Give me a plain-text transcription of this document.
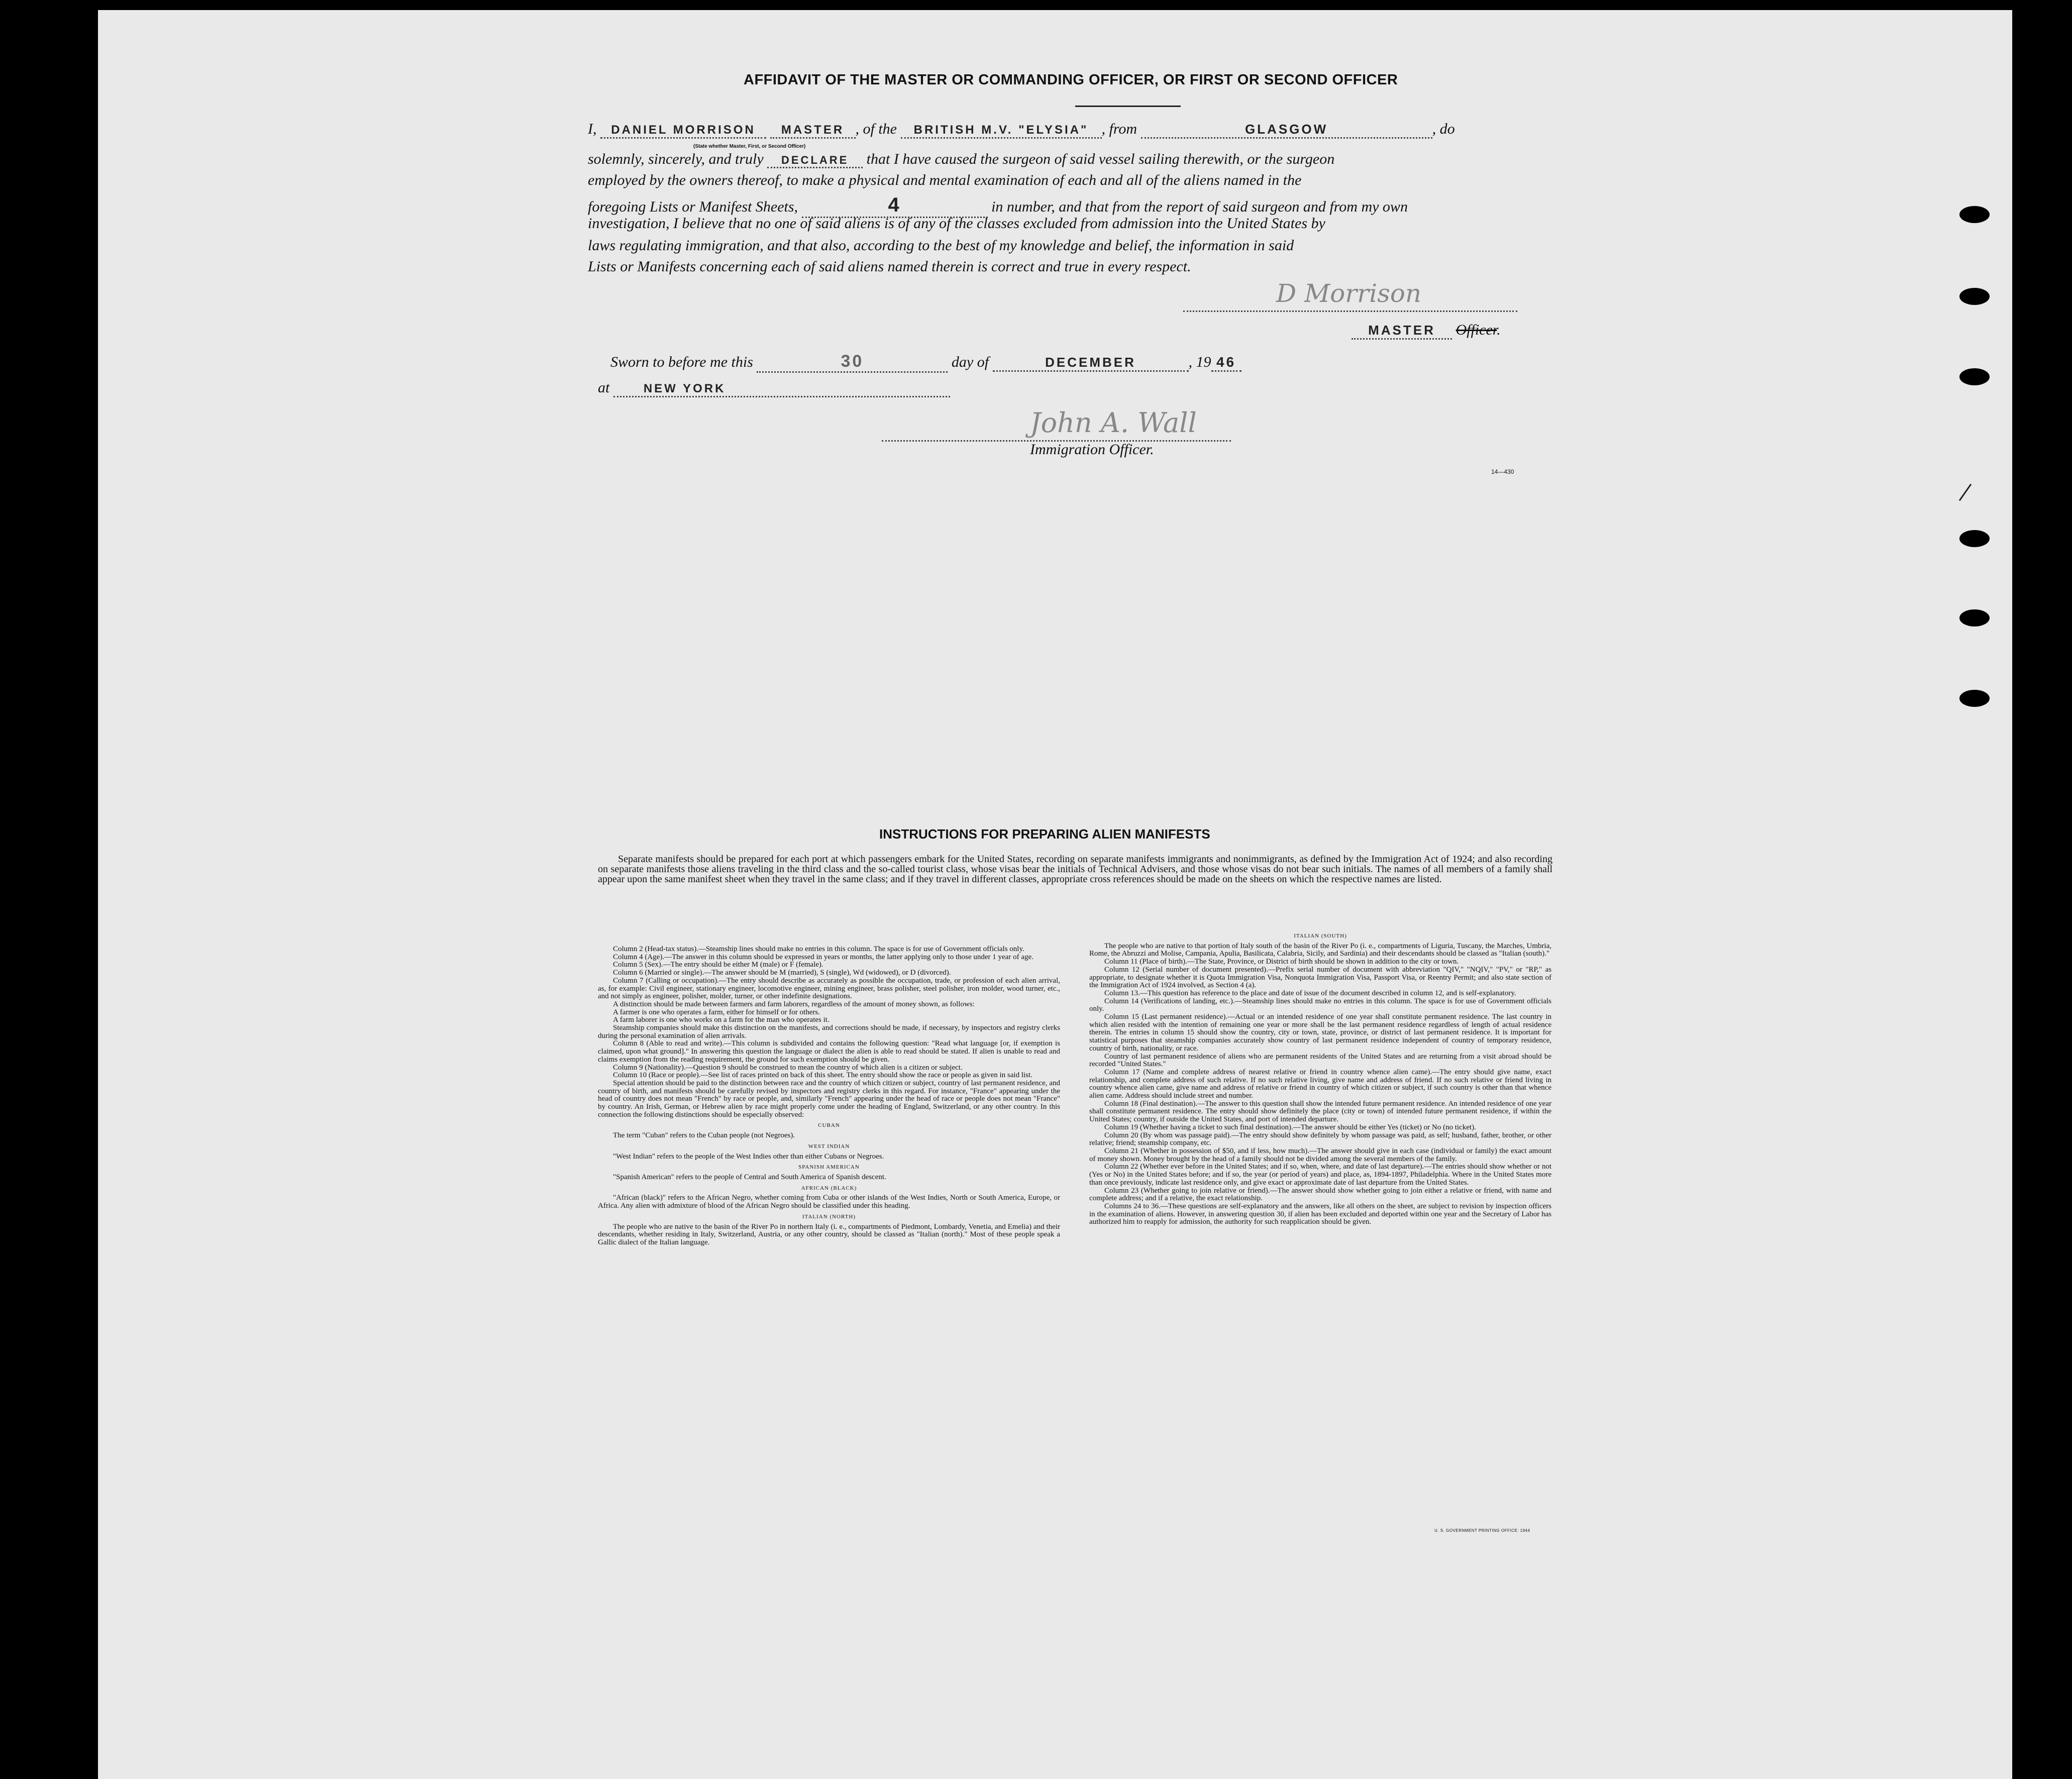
AFFIDAVIT OF THE MASTER OR COMMANDING OFFICER, OR FIRST OR SECOND OFFICER
I, DANIEL MORRISON MASTER , of the BRITISH M.V. "ELYSIA" , from	GLASGOW	, do
(State whether Master, First, or Second Officer)
solemnly, sincerely, and truly DECLARE that I have caused the surgeon of said vessel sailing therewith, or the surgeon
employed by the owners thereof, to make a physical and mental examination of each and all of the aliens named in the
foregoing Lists or Manifest Sheets,	4	in number, and that from the report of said surgeon and from my own
investigation, I believe that no one of said aliens is of any of the classes excluded from admission into the United States by
laws regulating immigration, and that also, according to the best of my knowledge and belief, the information in said
Lists or Manifests concerning each of said aliens named therein is correct and true in every respect.
D Morrison
MASTER Officer.
Sworn to before me this	30	day of	DECEMBER	, 19 46
at	NEW YORK
John A. Wall
Immigration Officer.
14—430
INSTRUCTIONS FOR PREPARING ALIEN MANIFESTS
Separate manifests should be prepared for each port at which passengers embark for the United States, recording on separate manifests immigrants and nonimmigrants, as defined by the Immigration Act of 1924; and also recording on separate manifests those aliens traveling in the third class and the so-called tourist class, whose visas bear the initials of Technical Advisers, and those whose visas do not bear such initials. The names of all members of a family shall appear upon the same manifest sheet when they travel in the same class; and if they travel in different classes, appropriate cross references should be made on the sheets on which the respective names are listed.

Column 2 (Head-tax status).—Steamship lines should make no entries in this column. The space is for use of Government officials only.

Column 4 (Age).—The answer in this column should be expressed in years or months, the latter applying only to those under 1 year of age.

Column 5 (Sex).—The entry should be either M (male) or F (female).

Column 6 (Married or single).—The answer should be M (married), S (single), Wd (widowed), or D (divorced).

Column 7 (Calling or occupation).—The entry should describe as accurately as possible the occupation, trade, or profession of each alien arrival, as, for example: Civil engineer, stationary engineer, locomotive engineer, mining engineer, brass polisher, steel polisher, iron molder, wood turner, etc., and not simply as engineer, polisher, molder, turner, or other indefinite designations.

A distinction should be made between farmers and farm laborers, regardless of the amount of money shown, as follows:

A farmer is one who operates a farm, either for himself or for others.

A farm laborer is one who works on a farm for the man who operates it.

Steamship companies should make this distinction on the manifests, and corrections should be made, if necessary, by inspectors and registry clerks during the personal examination of alien arrivals.

Column 8 (Able to read and write).—This column is subdivided and contains the following question: "Read what language [or, if exemption is claimed, upon what ground]." In answering this question the language or dialect the alien is able to read should be stated. If alien is unable to read and claims exemption from the reading requirement, the ground for such exemption should be given.

Column 9 (Nationality).—Question 9 should be construed to mean the country of which alien is a citizen or subject.

Column 10 (Race or people).—See list of races printed on back of this sheet. The entry should show the race or people as given in said list.

Special attention should be paid to the distinction between race and the country of which citizen or subject, country of last permanent residence, and country of birth, and manifests should be carefully revised by inspectors and registry clerks in this regard. For instance, "France" appearing under the head of country does not mean "French" by race or people, and, similarly "French" appearing under the head of race or people does not mean "France" by country. An Irish, German, or Hebrew alien by race might properly come under the heading of England, Switzerland, or any other country. In this connection the following distinctions should be especially observed:

CUBAN

The term "Cuban" refers to the Cuban people (not Negroes).

WEST INDIAN

"West Indian" refers to the people of the West Indies other than either Cubans or Negroes.

SPANISH AMERICAN

"Spanish American" refers to the people of Central and South America of Spanish descent.

AFRICAN (BLACK)

"African (black)" refers to the African Negro, whether coming from Cuba or other islands of the West Indies, North or South America, Europe, or Africa. Any alien with admixture of blood of the African Negro should be classified under this heading.

ITALIAN (NORTH)

The people who are native to the basin of the River Po in northern Italy (i. e., compartments of Piedmont, Lombardy, Venetia, and Emelia) and their descendants, whether residing in Italy, Switzerland, Austria, or any other country, should be classed as "Italian (north)." Most of these people speak a Gallic dialect of the Italian language.

ITALIAN (SOUTH)

The people who are native to that portion of Italy south of the basin of the River Po (i. e., compartments of Liguria, Tuscany, the Marches, Umbria, Rome, the Abruzzi and Molise, Campania, Apulia, Basilicata, Calabria, Sicily, and Sardinia) and their descendants should be classed as "Italian (south)."

Column 11 (Place of birth).—The State, Province, or District of birth should be shown in addition to the city or town.

Column 12 (Serial number of document presented).—Prefix serial number of document with abbreviation "QIV," "NQIV," "PV," or "RP," as appropriate, to designate whether it is Quota Immigration Visa, Nonquota Immigration Visa, Passport Visa, or Reentry Permit; and also state section of the Immigration Act of 1924 involved, as Section 4 (a).

Column 13.—This question has reference to the place and date of issue of the document described in column 12, and is self-explanatory.

Column 14 (Verifications of landing, etc.).—Steamship lines should make no entries in this column. The space is for use of Government officials only.

Column 15 (Last permanent residence).—Actual or an intended residence of one year shall constitute permanent residence. The last country in which alien resided with the intention of remaining one year or more shall be the last permanent residence regardless of length of actual residence therein. The entries in column 15 should show the country, city or town, state, province, or district of last permanent residence. It is important for statistical purposes that steamship companies accurately show country of last permanent residence independent of country of temporary residence, country of birth, nationality, or race.

Country of last permanent residence of aliens who are permanent residents of the United States and are returning from a visit abroad should be recorded "United States."

Column 17 (Name and complete address of nearest relative or friend in country whence alien came).—The entry should give name, exact relationship, and complete address of such relative. If no such relative living, give name and address of friend. If no such relative or friend living in country whence alien came, give name and address of relative or friend in country of which citizen or subject, if such country is other than that whence alien came. Address should include street and number.

Column 18 (Final destination).—The answer to this question shall show the intended future permanent residence. An intended residence of one year shall constitute permanent residence. The entry should show definitely the place (city or town) of intended future permanent residence, if within the United States; country, if outside the United States, and port of intended departure.

Column 19 (Whether having a ticket to such final destination).—The answer should be either Yes (ticket) or No (no ticket).

Column 20 (By whom was passage paid).—The entry should show definitely by whom passage was paid, as self; husband, father, brother, or other relative; friend; steamship company, etc.

Column 21 (Whether in possession of $50, and if less, how much).—The answer should give in each case (individual or family) the exact amount of money shown. Money brought by the head of a family should not be divided among the several members of the family.

Column 22 (Whether ever before in the United States; and if so, when, where, and date of last departure).—The entries should show whether or not (Yes or No) in the United States before; and if so, the year (or period of years) and place, as, 1894-1897, Philadelphia. Where in the United States more than once previously, indicate last residence only, and give exact or approximate date of last departure from the United States.

Column 23 (Whether going to join relative or friend).—The answer should show whether going to join either a relative or friend, with name and complete address; and if a relative, the exact relationship.

Columns 24 to 36.—These questions are self-explanatory and the answers, like all others on the sheet, are subject to revision by inspection officers in the examination of aliens. However, in answering question 30, if alien has been excluded and deported within one year and the Secretary of Labor has authorized him to reapply for admission, the authority for such reapplication should be given.

U. S. GOVERNMENT PRINTING OFFICE: 1944
